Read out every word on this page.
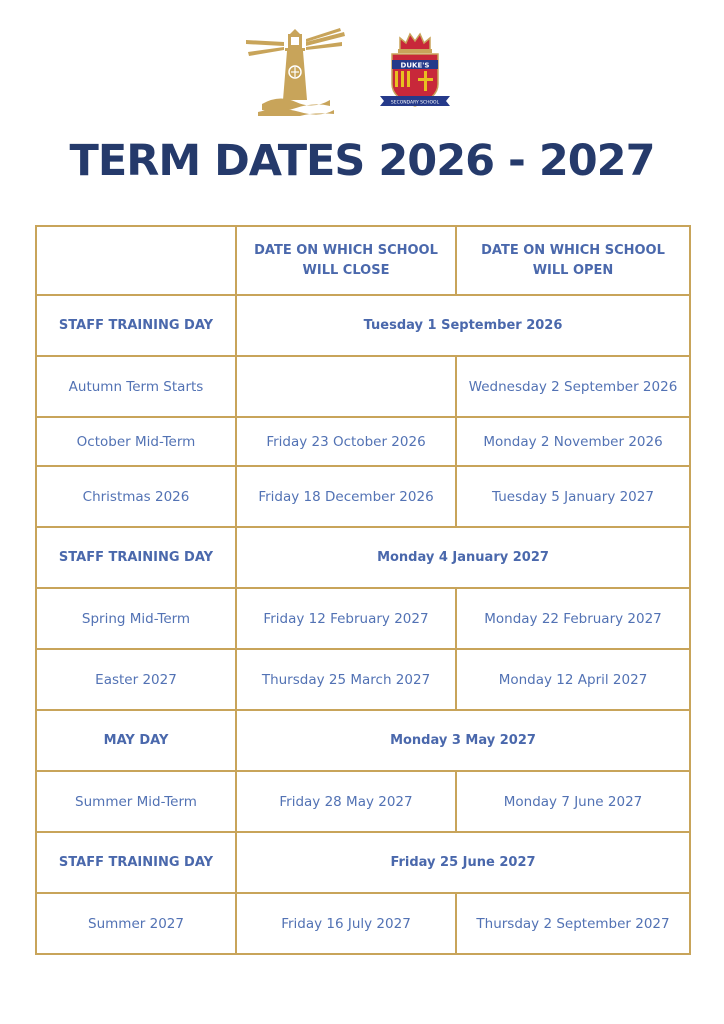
DUKE'S
SECONDARY SCHOOL
TERM DATES 2026 - 2027
	DATE ON WHICH SCHOOL
WILL CLOSE	DATE ON WHICH SCHOOL
WILL OPEN
STAFF TRAINING DAY	Tuesday 1 September 2026	
Autumn Term Starts		Wednesday 2 September 2026
October Mid-Term	Friday 23 October 2026	Monday 2 November 2026
Christmas 2026	Friday 18 December 2026	Tuesday 5 January 2027
STAFF TRAINING DAY	Monday 4 January 2027	
Spring Mid-Term	Friday 12 February 2027	Monday 22 February 2027
Easter 2027	Thursday 25 March 2027	Monday 12 April 2027
MAY DAY	Monday 3 May 2027	
Summer Mid-Term	Friday 28 May 2027	Monday 7 June 2027
STAFF TRAINING DAY	Friday 25 June 2027	
Summer 2027	Friday 16 July 2027	Thursday 2 September 2027
